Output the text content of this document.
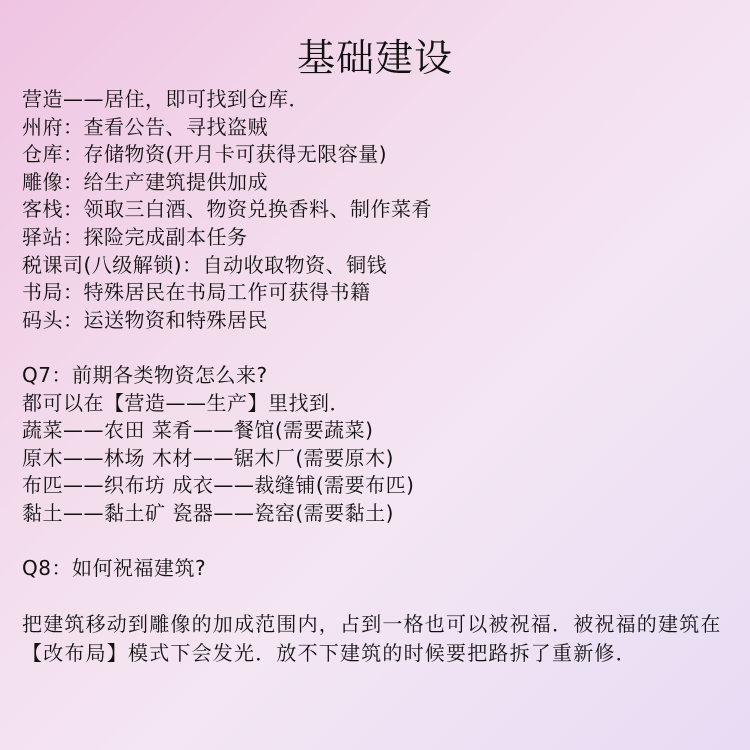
基础建设
营造——居住，即可找到仓库．
州府：查看公告、寻找盗贼
仓库：存储物资(开月卡可获得无限容量)
雕像：给生产建筑提供加成
客栈：领取三白酒、物资兑换香料、制作菜肴
驿站：探险完成副本任务
税课司(八级解锁)：自动收取物资、铜钱
书局：特殊居民在书局工作可获得书籍
码头：运送物资和特殊居民
Q7：前期各类物资怎么来?
都可以在【营造——生产】里找到．
蔬菜——农田 菜肴——餐馆(需要蔬菜)
原木——林场 木材——锯木厂(需要原木)
布匹——织布坊 成衣——裁缝铺(需要布匹)
黏土——黏土矿 瓷器——瓷窑(需要黏土)
Q8：如何祝福建筑?
把建筑移动到雕像的加成范围内，占到一格也可以被祝福．被祝福的建筑在【改布局】模式下会发光．放不下建筑的时候要把路拆了重新修．
